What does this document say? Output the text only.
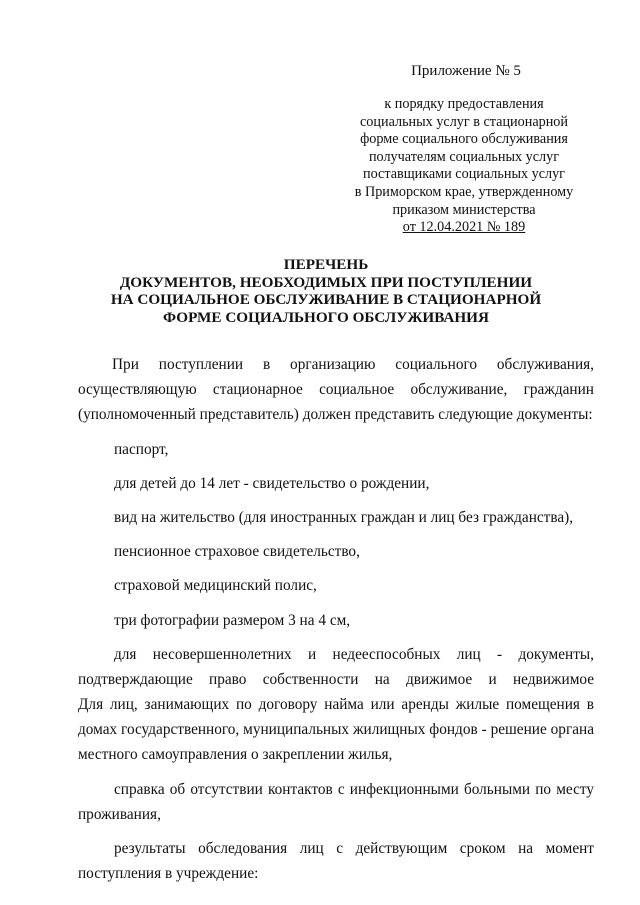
Приложение № 5
к порядку предоставления
социальных услуг в стационарной
форме социального обслуживания
получателям социальных услуг
поставщиками социальных услуг
в Приморском крае, утвержденному
приказом министерства
от 12.04.2021 № 189
ПЕРЕЧЕНЬ
ДОКУМЕНТОВ, НЕОБХОДИМЫХ ПРИ ПОСТУПЛЕНИИ
НА СОЦИАЛЬНОЕ ОБСЛУЖИВАНИЕ В СТАЦИОНАРНОЙ
ФОРМЕ СОЦИАЛЬНОГО ОБСЛУЖИВАНИЯ
При поступлении в организацию социального обслуживания,
осуществляющую стационарное социальное обслуживание, гражданин
(уполномоченный представитель) должен представить следующие документы:
паспорт,
для детей до 14 лет - свидетельство о рождении,
вид на жительство (для иностранных граждан и лиц без гражданства),
пенсионное страховое свидетельство,
страховой медицинский полис,
три фотографии размером 3 на 4 см,
для несовершеннолетних и недееспособных лиц - документы,
подтверждающие право собственности на движимое и недвижимое
Для лиц, занимающих по договору найма или аренды жилые помещения в
домах государственного, муниципальных жилищных фондов - решение органа
местного самоуправления о закреплении жилья,
справка об отсутствии контактов с инфекционными больными по месту
проживания,
результаты обследования лиц с действующим сроком на момент
поступления в учреждение:
